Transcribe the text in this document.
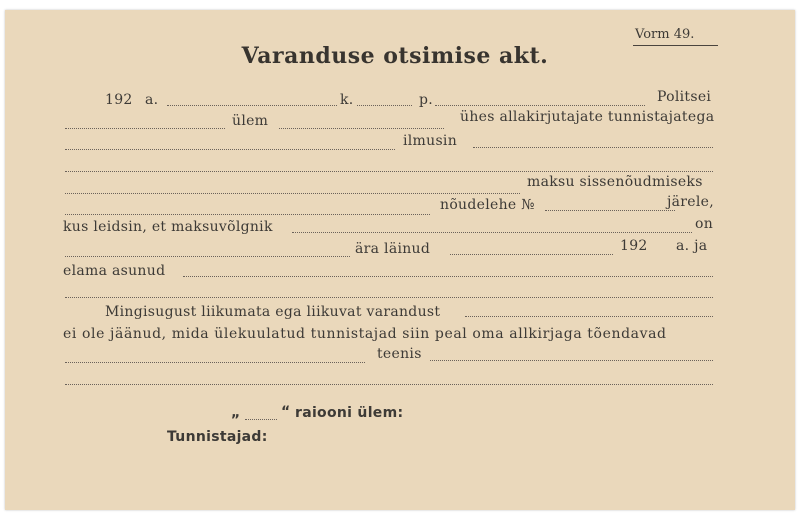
Vorm 49.
Varanduse otsimise akt.
192 a.	k.	p.	Politsei
ülem	ühes allakirjutajate tunnistajatega
ilmusin
maksu sissenõudmiseks
nõudelehe №	järele,
kus leidsin, et maksuvõlgnik	on
ära läinud	192 a. ja
elama asunud
Mingisugust liikumata ega liikuvat varandust
ei ole jäänud, mida ülekuulatud tunnistajad siin peal oma allkirjaga tõendavad
teenis
„	“ raiooni ülem:
Tunnistajad:
